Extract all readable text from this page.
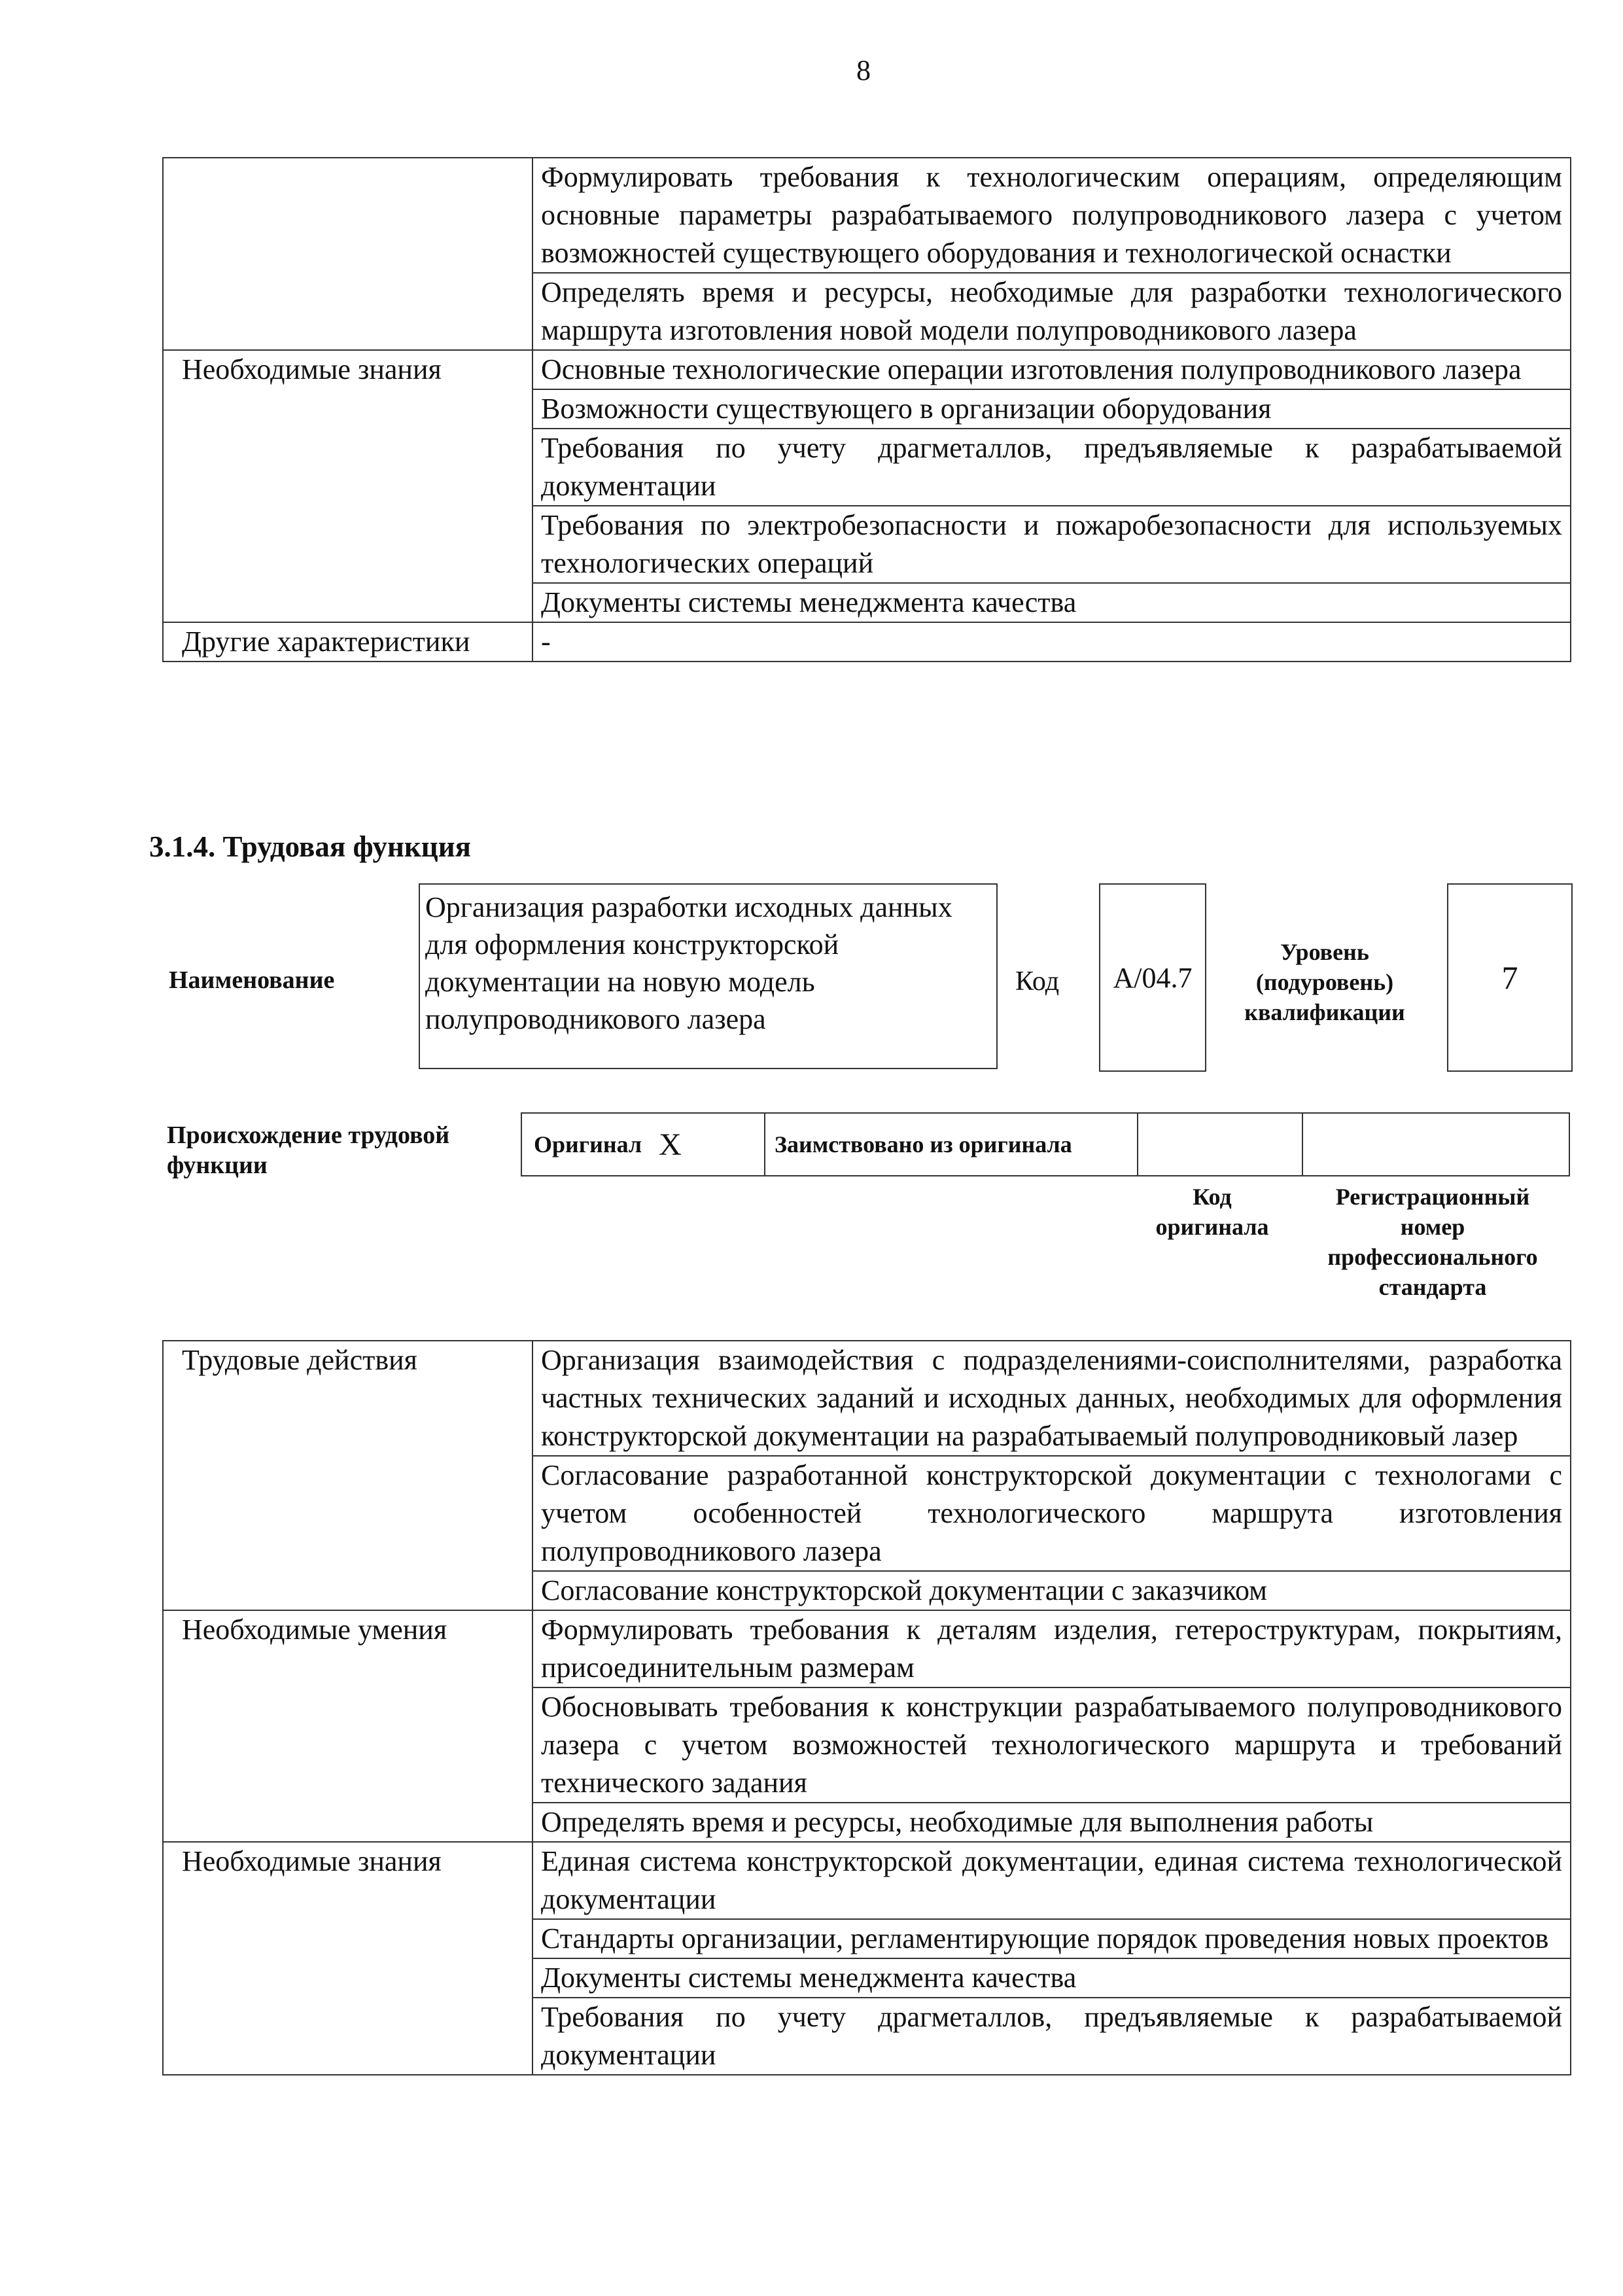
8
	Формулировать требования к технологическим операциям, определяющим основные параметры разрабатываемого полупроводникового лазера с учетом возможностей существующего оборудования и технологической оснастки
	Определять время и ресурсы, необходимые для разработки технологического маршрута изготовления новой модели полупроводникового лазера
Необходимые знания	Основные технологические операции изготовления полупроводникового лазера
	Возможности существующего в организации оборудования
	Требования по учету драгметаллов, предъявляемые к разрабатываемой документации
	Требования по электробезопасности и пожаробезопасности для используемых технологических операций
	Документы системы менеджмента качества
Другие характеристики	-
3.1.4. Трудовая функция
Наименование
Организация разработки исходных данных для оформления конструкторской документации на новую модель полупроводникового лазера
Код А/04.7
Уровень (подуровень) квалификации
7
Происхождение трудовой функции
Оригинал X	Заимствовано из оригинала
Код оригинала
Регистрационный номер профессионального стандарта
Трудовые действия	Организация взаимодействия с подразделениями-соисполнителями, разработка частных технических заданий и исходных данных, необходимых для оформления конструкторской документации на разрабатываемый полупроводниковый лазер
	Согласование разработанной конструкторской документации с технологами с учетом особенностей технологического маршрута изготовления полупроводникового лазера
	Согласование конструкторской документации с заказчиком
Необходимые умения	Формулировать требования к деталям изделия, гетероструктурам, покрытиям, присоединительным размерам
	Обосновывать требования к конструкции разрабатываемого полупроводникового лазера с учетом возможностей технологического маршрута и требований технического задания
	Определять время и ресурсы, необходимые для выполнения работы
Необходимые знания	Единая система конструкторской документации, единая система технологической документации
	Стандарты организации, регламентирующие порядок проведения новых проектов
	Документы системы менеджмента качества
	Требования по учету драгметаллов, предъявляемые к разрабатываемой документации
